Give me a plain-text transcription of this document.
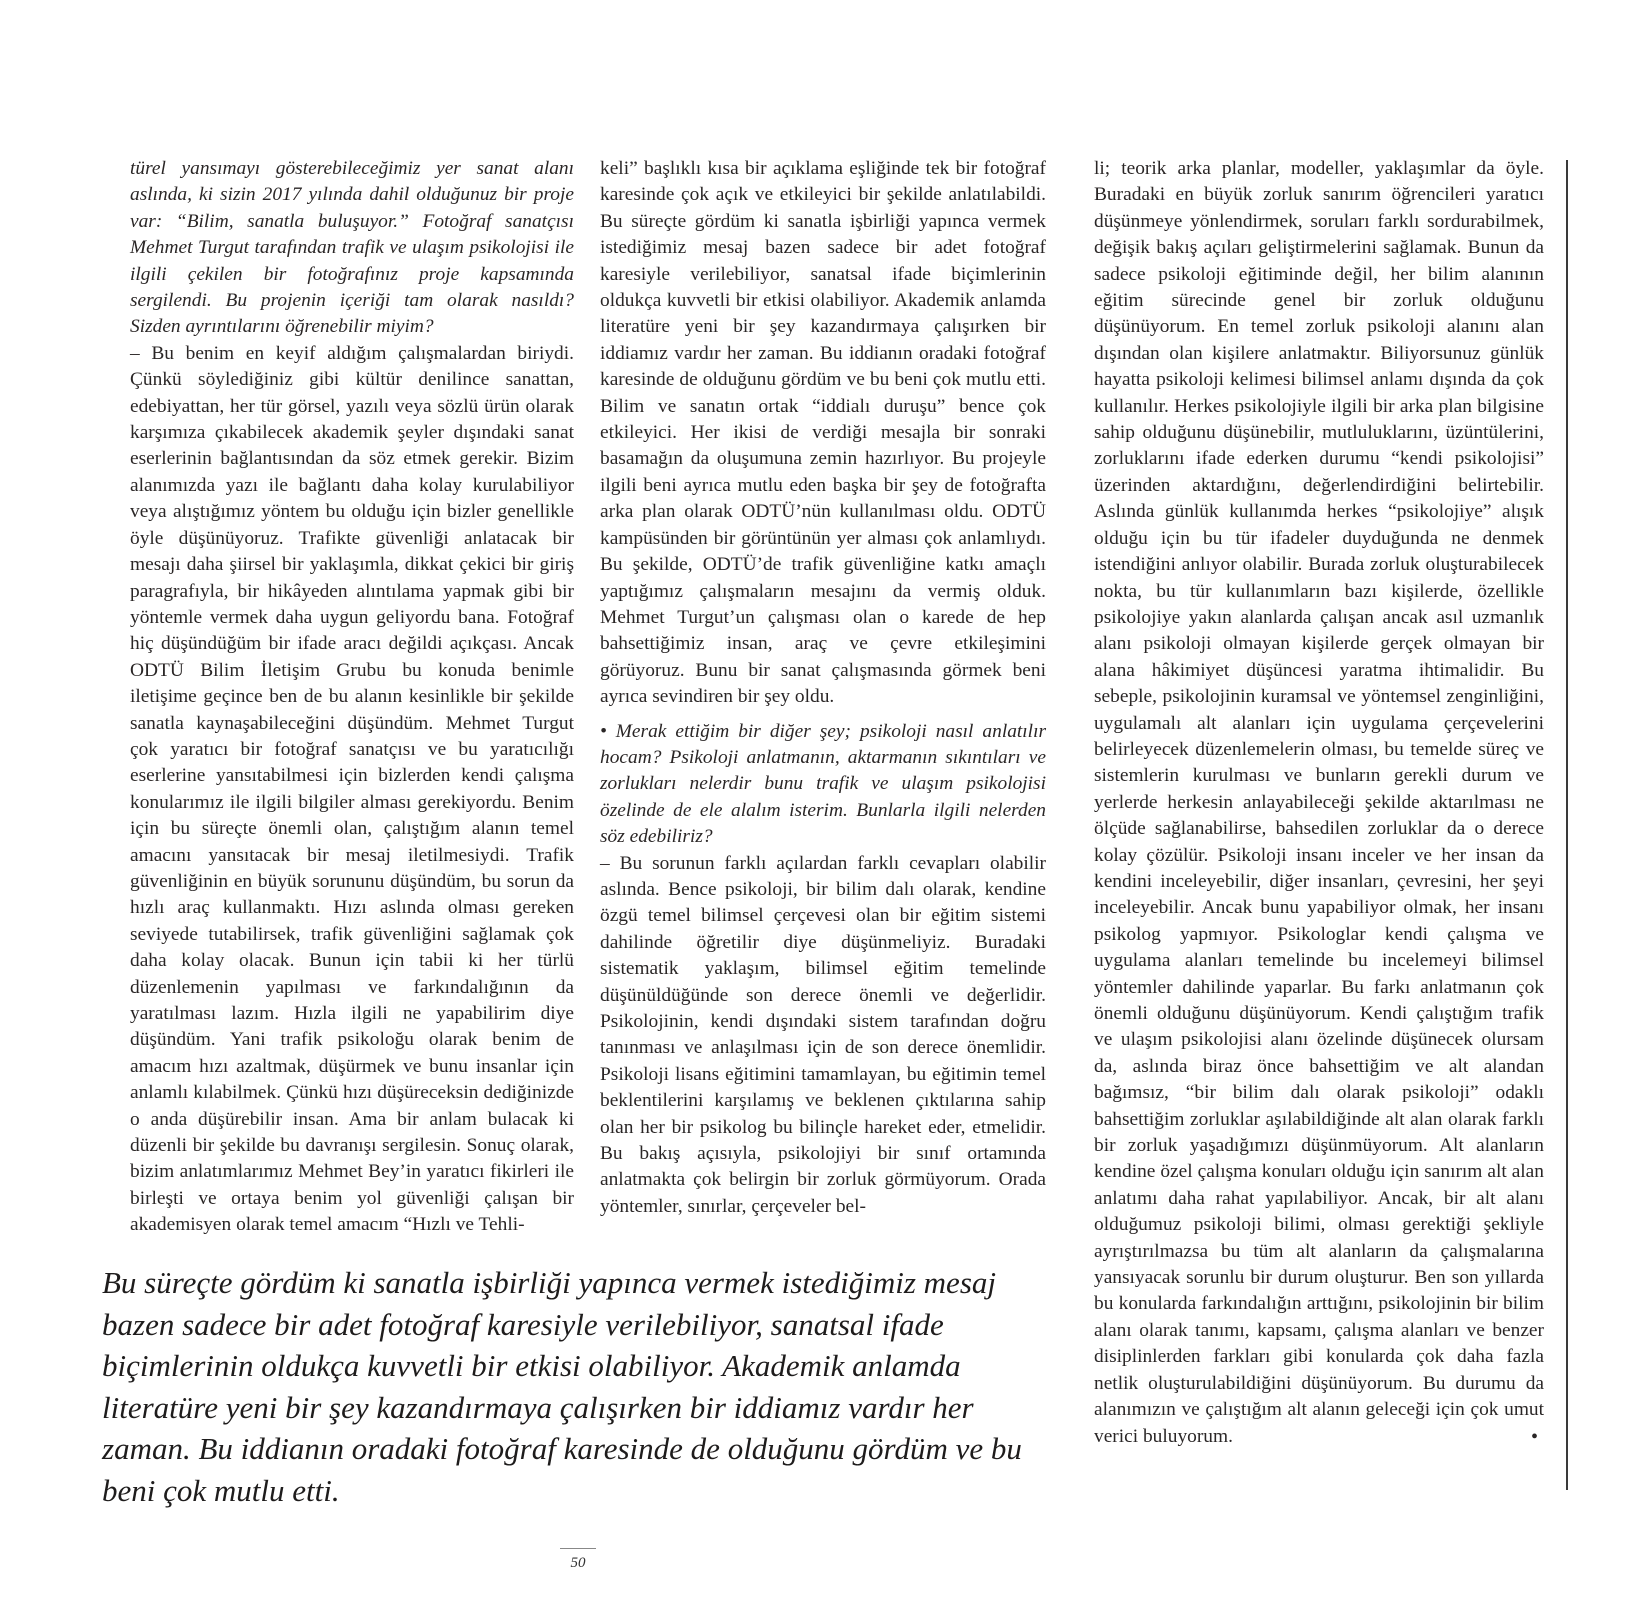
türel yansımayı gösterebileceğimiz yer sanat alanı aslında, ki sizin 2017 yılında dahil olduğunuz bir proje var: “Bilim, sanatla buluşuyor.” Fotoğraf sanatçısı Mehmet Turgut tarafından trafik ve ulaşım psikolojisi ile ilgili çekilen bir fotoğrafınız proje kapsamında sergilendi. Bu projenin içeriği tam olarak nasıldı? Sizden ayrıntılarını öğrenebilir miyim?

– Bu benim en keyif aldığım çalışmalardan biriydi. Çünkü söylediğiniz gibi kültür denilince sanattan, edebiyattan, her tür görsel, yazılı veya sözlü ürün olarak karşımıza çıkabilecek akademik şeyler dışındaki sanat eserlerinin bağlantısından da söz etmek gerekir. Bizim alanımızda yazı ile bağlantı daha kolay kurulabiliyor veya alıştığımız yöntem bu olduğu için bizler genellikle öyle düşünüyoruz. Trafikte güvenliği anlatacak bir mesajı daha şiirsel bir yaklaşımla, dikkat çekici bir giriş paragrafıyla, bir hikâyeden alıntılama yapmak gibi bir yöntemle vermek daha uygun geliyordu bana. Fotoğraf hiç düşündüğüm bir ifade aracı değildi açıkçası. Ancak ODTÜ Bilim İletişim Grubu bu konuda benimle iletişime geçince ben de bu alanın kesinlikle bir şekilde sanatla kaynaşabileceğini düşündüm. Mehmet Turgut çok yaratıcı bir fotoğraf sanatçısı ve bu yaratıcılığı eserlerine yansıtabilmesi için bizlerden kendi çalışma konularımız ile ilgili bilgiler alması gerekiyordu. Benim için bu süreçte önemli olan, çalıştığım alanın temel amacını yansıtacak bir mesaj iletilmesiydi. Trafik güvenliğinin en büyük sorununu düşündüm, bu sorun da hızlı araç kullanmaktı. Hızı aslında olması gereken seviyede tutabilirsek, trafik güvenliğini sağlamak çok daha kolay olacak. Bunun için tabii ki her türlü düzenlemenin yapılması ve farkındalığının da yaratılması lazım. Hızla ilgili ne yapabilirim diye düşündüm. Yani trafik psikoloğu olarak benim de amacım hızı azaltmak, düşürmek ve bunu insanlar için anlamlı kılabilmek. Çünkü hızı düşüreceksin dediğinizde o anda düşürebilir insan. Ama bir anlam bulacak ki düzenli bir şekilde bu davranışı sergilesin. Sonuç olarak, bizim anlatımlarımız Mehmet Bey’in yaratıcı fikirleri ile birleşti ve ortaya benim yol güvenliği çalışan bir akademisyen olarak temel amacım “Hızlı ve Tehli-

keli” başlıklı kısa bir açıklama eşliğinde tek bir fotoğraf karesinde çok açık ve etkileyici bir şekilde anlatılabildi. Bu süreçte gördüm ki sanatla işbirliği yapınca vermek istediğimiz mesaj bazen sadece bir adet fotoğraf karesiyle verilebiliyor, sanatsal ifade biçimlerinin oldukça kuvvetli bir etkisi olabiliyor. Akademik anlamda literatüre yeni bir şey kazandırmaya çalışırken bir iddiamız vardır her zaman. Bu iddianın oradaki fotoğraf karesinde de olduğunu gördüm ve bu beni çok mutlu etti. Bilim ve sanatın ortak “iddialı duruşu” bence çok etkileyici. Her ikisi de verdiği mesajla bir sonraki basamağın da oluşumuna zemin hazırlıyor. Bu projeyle ilgili beni ayrıca mutlu eden başka bir şey de fotoğrafta arka plan olarak ODTÜ’nün kullanılması oldu. ODTÜ kampüsünden bir görüntünün yer alması çok anlamlıydı. Bu şekilde, ODTÜ’de trafik güvenliğine katkı amaçlı yaptığımız çalışmaların mesajını da vermiş olduk. Mehmet Turgut’un çalışması olan o karede de hep bahsettiğimiz insan, araç ve çevre etkileşimini görüyoruz. Bunu bir sanat çalışmasında görmek beni ayrıca sevindiren bir şey oldu.

• Merak ettiğim bir diğer şey; psikoloji nasıl anlatılır hocam? Psikoloji anlatmanın, aktarmanın sıkıntıları ve zorlukları nelerdir bunu trafik ve ulaşım psikolojisi özelinde de ele alalım isterim. Bunlarla ilgili nelerden söz edebiliriz?

– Bu sorunun farklı açılardan farklı cevapları olabilir aslında. Bence psikoloji, bir bilim dalı olarak, kendine özgü temel bilimsel çerçevesi olan bir eğitim sistemi dahilinde öğretilir diye düşünmeliyiz. Buradaki sistematik yaklaşım, bilimsel eğitim temelinde düşünüldüğünde son derece önemli ve değerlidir. Psikolojinin, kendi dışındaki sistem tarafından doğru tanınması ve anlaşılması için de son derece önemlidir. Psikoloji lisans eğitimini tamamlayan, bu eğitimin temel beklentilerini karşılamış ve beklenen çıktılarına sahip olan her bir psikolog bu bilinçle hareket eder, etmelidir. Bu bakış açısıyla, psikolojiyi bir sınıf ortamında anlatmakta çok belirgin bir zorluk görmüyorum. Orada yöntemler, sınırlar, çerçeveler bel-

li; teorik arka planlar, modeller, yaklaşımlar da öyle. Buradaki en büyük zorluk sanırım öğrencileri yaratıcı düşünmeye yönlendirmek, soruları farklı sordurabilmek, değişik bakış açıları geliştirmelerini sağlamak. Bunun da sadece psikoloji eğitiminde değil, her bilim alanının eğitim sürecinde genel bir zorluk olduğunu düşünüyorum. En temel zorluk psikoloji alanını alan dışından olan kişilere anlatmaktır. Biliyorsunuz günlük hayatta psikoloji kelimesi bilimsel anlamı dışında da çok kullanılır. Herkes psikolojiyle ilgili bir arka plan bilgisine sahip olduğunu düşünebilir, mutluluklarını, üzüntülerini, zorluklarını ifade ederken durumu “kendi psikolojisi” üzerinden aktardığını, değerlendirdiğini belirtebilir. Aslında günlük kullanımda herkes “psikolojiye” alışık olduğu için bu tür ifadeler duyduğunda ne denmek istendiğini anlıyor olabilir. Burada zorluk oluşturabilecek nokta, bu tür kullanımların bazı kişilerde, özellikle psikolojiye yakın alanlarda çalışan ancak asıl uzmanlık alanı psikoloji olmayan kişilerde gerçek olmayan bir alana hâkimiyet düşüncesi yaratma ihtimalidir. Bu sebeple, psikolojinin kuramsal ve yöntemsel zenginliğini, uygulamalı alt alanları için uygulama çerçevelerini belirleyecek düzenlemelerin olması, bu temelde süreç ve sistemlerin kurulması ve bunların gerekli durum ve yerlerde herkesin anlayabileceği şekilde aktarılması ne ölçüde sağlanabilirse, bahsedilen zorluklar da o derece kolay çözülür. Psikoloji insanı inceler ve her insan da kendini inceleyebilir, diğer insanları, çevresini, her şeyi inceleyebilir. Ancak bunu yapabiliyor olmak, her insanı psikolog yapmıyor. Psikologlar kendi çalışma ve uygulama alanları temelinde bu incelemeyi bilimsel yöntemler dahilinde yaparlar. Bu farkı anlatmanın çok önemli olduğunu düşünüyorum. Kendi çalıştığım trafik ve ulaşım psikolojisi alanı özelinde düşünecek olursam da, aslında biraz önce bahsettiğim ve alt alandan bağımsız, “bir bilim dalı olarak psikoloji” odaklı bahsettiğim zorluklar aşılabildiğinde alt alan olarak farklı bir zorluk yaşadığımızı düşünmüyorum. Alt alanların kendine özel çalışma konuları olduğu için sanırım alt alan anlatımı daha rahat yapılabiliyor. Ancak, bir alt alanı olduğumuz psikoloji bilimi, olması gerektiği şekliyle ayrıştırılmazsa bu tüm alt alanların da çalışmalarına yansıyacak sorunlu bir durum oluşturur. Ben son yıllarda bu konularda farkındalığın arttığını, psikolojinin bir bilim alanı olarak tanımı, kapsamı, çalışma alanları ve benzer disiplinlerden farkları gibi konularda çok daha fazla netlik oluşturulabildiğini düşünüyorum. Bu durumu da alanımızın ve çalıştığım alt alanın geleceği için çok umut verici buluyorum.	•

Bu süreçte gördüm ki sanatla işbirliği yapınca vermek istediğimiz mesaj bazen sadece bir adet fotoğraf karesiyle verilebiliyor, sanatsal ifade biçimlerinin oldukça kuvvetli bir etkisi olabiliyor. Akademik anlamda literatüre yeni bir şey kazandırmaya çalışırken bir iddiamız vardır her zaman. Bu iddianın oradaki fotoğraf karesinde de olduğunu gördüm ve bu beni çok mutlu etti.

50
